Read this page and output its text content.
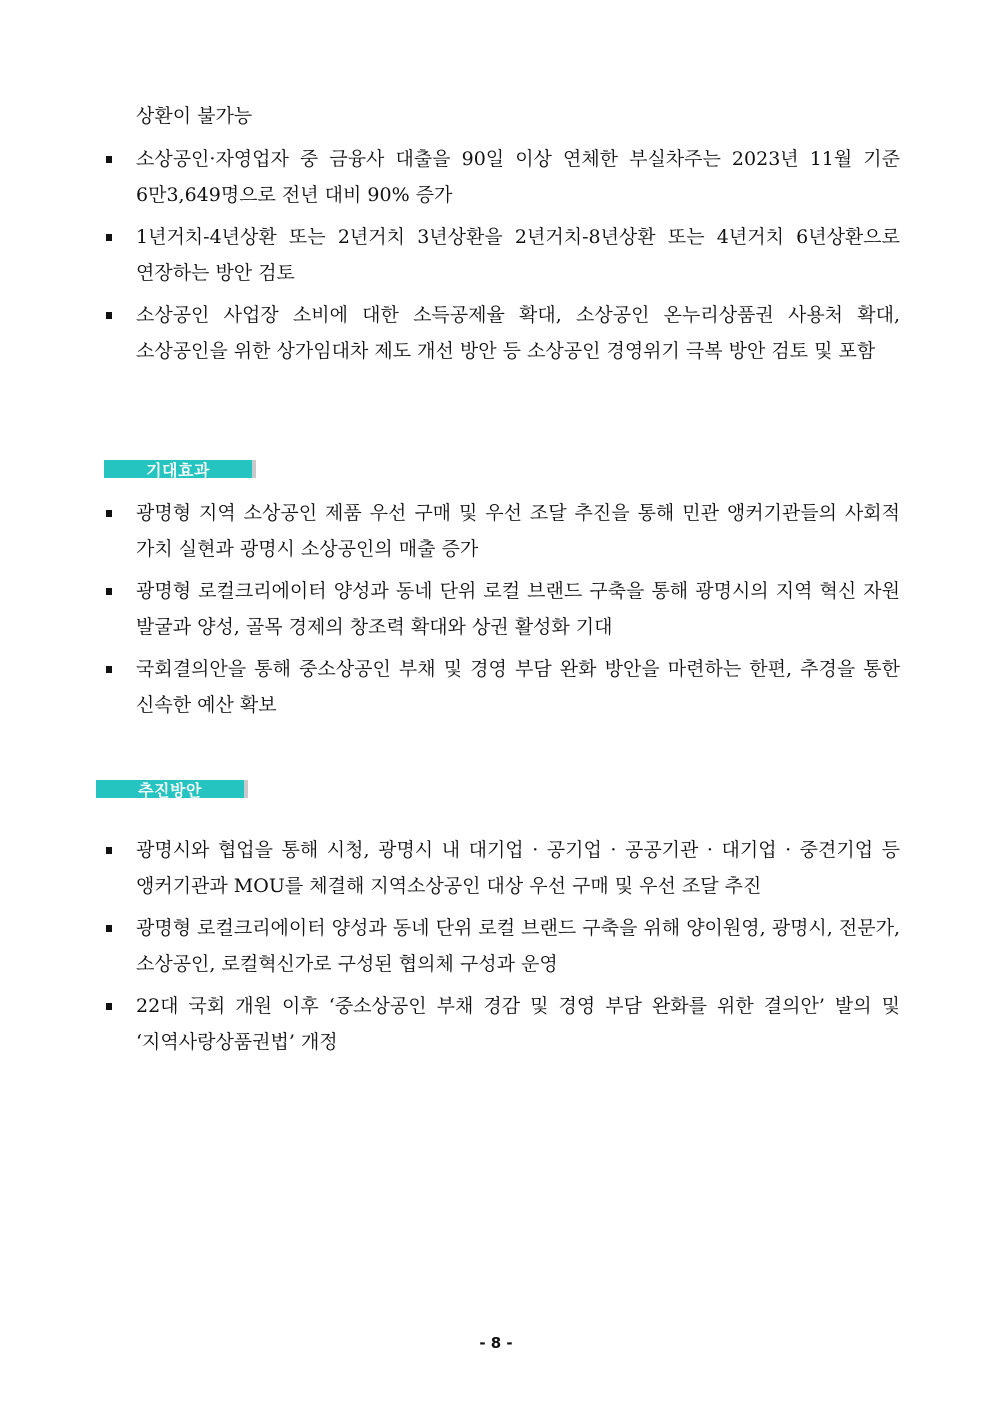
상환이 불가능
소상공인·자영업자 중 금융사 대출을 90일 이상 연체한 부실차주는 2023년 11월 기준 6만3,649명으로 전년 대비 90% 증가
1년거치-4년상환 또는 2년거치 3년상환을 2년거치-8년상환 또는 4년거치 6년상환으로 연장하는 방안 검토
소상공인 사업장 소비에 대한 소득공제율 확대, 소상공인 온누리상품권 사용처 확대, 소상공인을 위한 상가임대차 제도 개선 방안 등 소상공인 경영위기 극복 방안 검토 및 포함
기대효과
광명형 지역 소상공인 제품 우선 구매 및 우선 조달 추진을 통해 민관 앵커기관들의 사회적 가치 실현과 광명시 소상공인의 매출 증가
광명형 로컬크리에이터 양성과 동네 단위 로컬 브랜드 구축을 통해 광명시의 지역 혁신 자원 발굴과 양성, 골목 경제의 창조력 확대와 상권 활성화 기대
국회결의안을 통해 중소상공인 부채 및 경영 부담 완화 방안을 마련하는 한편, 추경을 통한 신속한 예산 확보
추진방안
광명시와 협업을 통해 시청, 광명시 내 대기업 · 공기업 · 공공기관 · 대기업 · 중견기업 등 앵커기관과 MOU를 체결해 지역소상공인 대상 우선 구매 및 우선 조달 추진
광명형 로컬크리에이터 양성과 동네 단위 로컬 브랜드 구축을 위해 양이원영, 광명시, 전문가, 소상공인, 로컬혁신가로 구성된 협의체 구성과 운영
22대 국회 개원 이후 ‘중소상공인 부채 경감 및 경영 부담 완화를 위한 결의안’ 발의 및 ‘지역사랑상품권법’ 개정
- 8 -
